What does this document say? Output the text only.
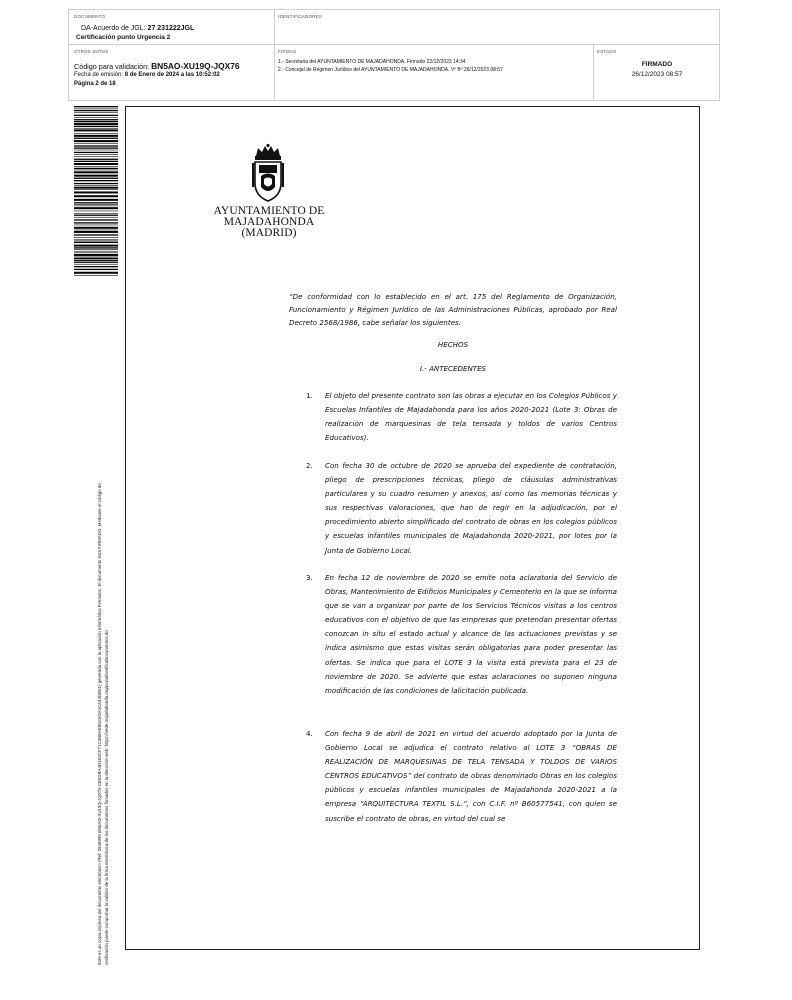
DOCUMENTO
DA-Acuerdo de JGL: 27 231222JGL
Certificación punto Urgencia 2
IDENTIFICADORES
OTROS DATOS
Código para validación: BN5AO-XU19Q-JQX76
Fecha de emisión: 8 de Enero de 2024 a las 10:52:02
Página 2 de 18
FIRMAS
1.- Secretaria del AYUNTAMIENTO DE MAJADAHONDA. Firmado 22/12/2023 14:34
2.- Concejal de Régimen Jurídico del AYUNTAMIENTO DE MAJADAHONDA. Vº Bº 26/12/2023 08:57
ESTADO
FIRMADO
26/12/2023 08:57
Este es un copia impresa del documento electrónico (Ref: 2848995 BN5AO-XU19Q-JQX76 C8EDBA4D1E0CF71C3B8AEB5C6DA4CA44DB61) generada con la aplicación informática Firmadoc. El documento está FIRMADO. Mediante el código de verificación puede comprobar la validez de la firma electrónica de los documentos firmados en la dirección web: https://sede.majadahonda.org/portal/verificaDocumentos.do
AYUNTAMIENTO DE
MAJADAHONDA
(MADRID)
“De conformidad con lo establecido en el art. 175 del Reglamento de Organización, Funcionamiento y Régimen Jurídico de las Administraciones Públicas, aprobado por Real Decreto 2568/1986, cabe señalar los siguientes:
HECHOS
I.- ANTECEDENTES
1. El objeto del presente contrato son las obras a ejecutar en los Colegios Públicos y Escuelas Infantiles de Majadahonda para los años 2020-2021 (Lote 3: Obras de realización de marquesinas de tela tensada y toldos de varios Centros Educativos).
2. Con fecha 30 de octubre de 2020 se aprueba del expediente de contratación, pliego de prescripciones técnicas, pliego de cláusulas administrativas particulares y su cuadro resumen y anexos, así como las memorias técnicas y sus respectivas valoraciones, que han de regir en la adjudicación, por el procedimiento abierto simplificado del contrato de obras en los colegios públicos y escuelas infantiles municipales de Majadahonda 2020-2021, por lotes por la Junta de Gobierno Local.
3. En fecha 12 de noviembre de 2020 se emite nota aclaratoria del Servicio de Obras, Mantenimiento de Edificios Municipales y Cementerio en la que se informa que se van a organizar por parte de los Servicios Técnicos visitas a los centros educativos con el objetivo de que las empresas que pretendan presentar ofertas conozcan in situ el estado actual y alcance de las actuaciones previstas y se indica asimismo que estas visitas serán obligatorias para poder presentar las ofertas. Se indica que para el LOTE 3 la visita está prevista para el 23 de noviembre de 2020. Se advierte que estas aclaraciones no suponen ninguna modificación de las condiciones de lalicitación publicada.
4. Con fecha 9 de abril de 2021 en virtud del acuerdo adoptado por la Junta de Gobierno Local se adjudica el contrato relativo al LOTE 3 “OBRAS DE REALIZACIÓN DE MARQUESINAS DE TELA TENSADA Y TOLDOS DE VARIOS CENTROS EDUCATIVOS” del contrato de obras denominado Obras en los colegios públicos y escuelas infantiles municipales de Majadahonda 2020-2021 a la empresa “ARQUITECTURA TEXTIL S.L.”, con C.I.F. nº B60577541, con quien se suscribe el contrato de obras, en virtud del cual se
